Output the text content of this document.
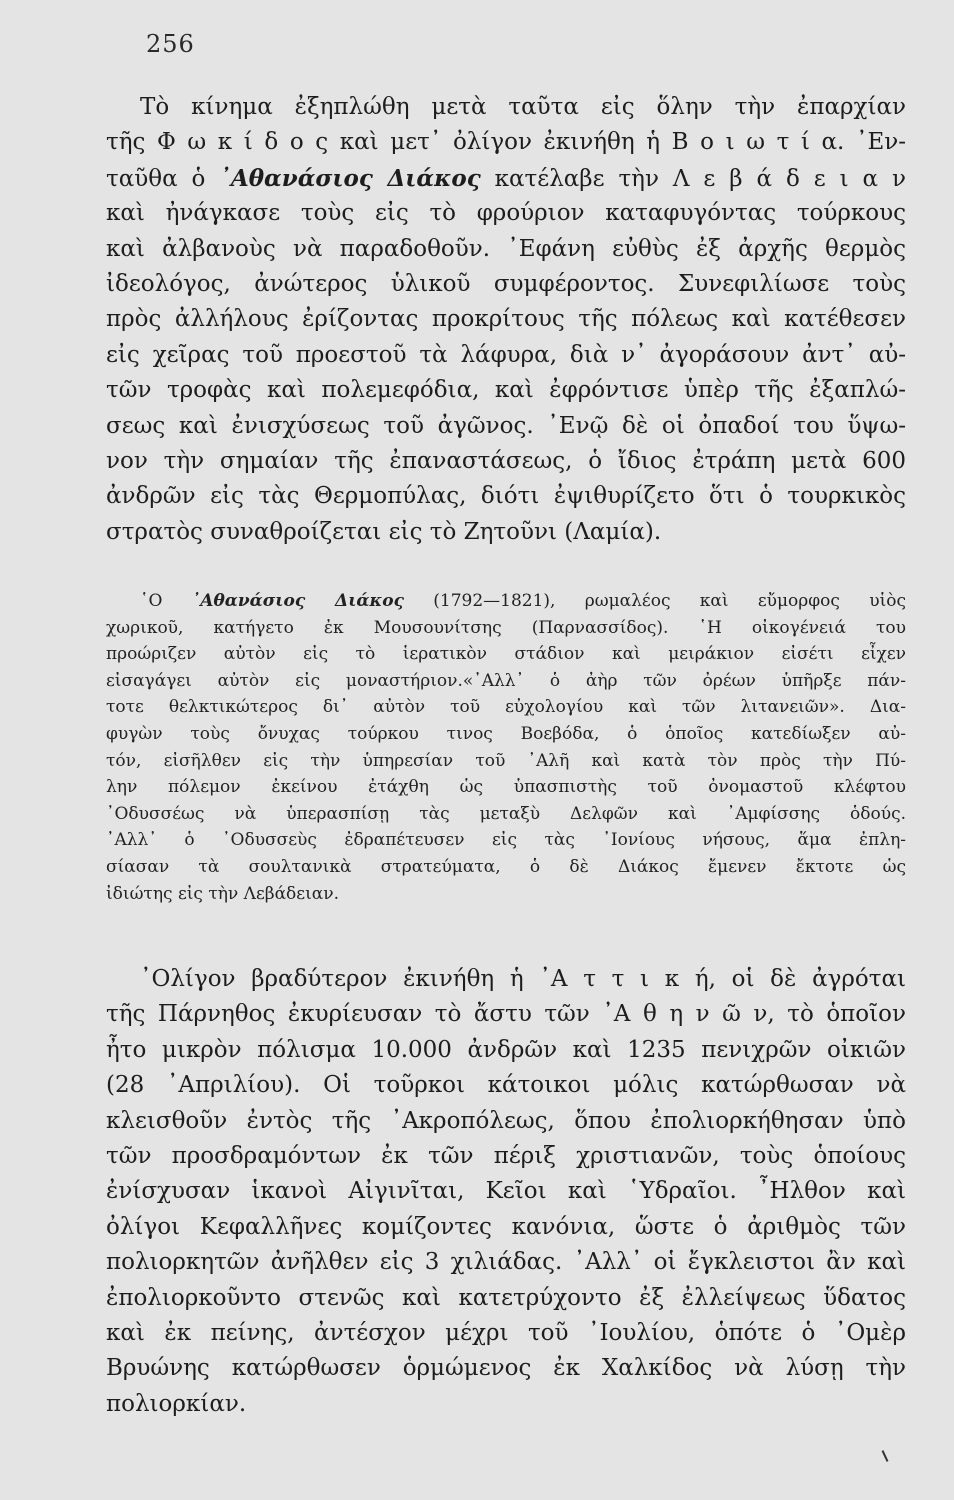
256
Τὸ κίνημα ἐξηπλώθη μετὰ ταῦτα εἰς ὅλην τὴν ἐπαρχίαν
τῆς Φ ω κ ί δ ο ς καὶ μετ᾿ ὀλίγον ἐκινήθη ἡ Β ο ι ω τ ί α. ᾿Εν-
ταῦθα ὁ ᾿Αθανάσιος Διάκος κατέλαβε τὴν Λ ε β ά δ ε ι α ν
καὶ ἠνάγκασε τοὺς εἰς τὸ φρούριον καταφυγόντας τούρκους
καὶ ἀλβανοὺς νὰ παραδοθοῦν. ᾿Εφάνη εὐθὺς ἐξ ἀρχῆς θερμὸς
ἰδεολόγος, ἀνώτερος ὑλικοῦ συμφέροντος. Συνεφιλίωσε τοὺς
πρὸς ἀλλήλους ἐρίζοντας προκρίτους τῆς πόλεως καὶ κατέθεσεν
εἰς χεῖρας τοῦ προεστοῦ τὰ λάφυρα, διὰ ν᾿ ἀγοράσουν ἀντ᾿ αὐ-
τῶν τροφὰς καὶ πολεμεφόδια, καὶ ἐφρόντισε ὑπὲρ τῆς ἐξαπλώ-
σεως καὶ ἐνισχύσεως τοῦ ἀγῶνος. ᾿Ενῷ δὲ οἱ ὀπαδοί του ὕψω-
νον τὴν σημαίαν τῆς ἐπαναστάσεως, ὁ ἴδιος ἐτράπη μετὰ 600
ἀνδρῶν εἰς τὰς Θερμοπύλας, διότι ἐψιθυρίζετο ὅτι ὁ τουρκικὸς
στρατὸς συναθροίζεται εἰς τὸ Ζητοῦνι (Λαμία).
῾Ο ᾿Αθανάσιος Διάκος (1792—1821), ρωμαλέος καὶ εὔμορφος υἱὸς
χωρικοῦ, κατήγετο ἐκ Μουσουνίτσης (Παρνασσίδος). ῾Η οἰκογένειά του
προώριζεν αὐτὸν εἰς τὸ ἱερατικὸν στάδιον καὶ μειράκιον εἰσέτι εἶχεν
εἰσαγάγει αὐτὸν εἰς μοναστήριον.«᾿Αλλ᾿ ὁ ἀὴρ τῶν ὀρέων ὑπῆρξε πάν-
τοτε θελκτικώτερος δι᾿ αὐτὸν τοῦ εὐχολογίου καὶ τῶν λιτανειῶν». Δια-
φυγὼν τοὺς ὄνυχας τούρκου τινος Βοεβόδα, ὁ ὁποῖος κατεδίωξεν αὐ-
τόν, εἰσῆλθεν εἰς τὴν ὑπηρεσίαν τοῦ ᾿Αλῆ καὶ κατὰ τὸν πρὸς τὴν Πύ-
λην πόλεμον ἐκείνου ἐτάχθη ὡς ὑπασπιστὴς τοῦ ὀνομαστοῦ κλέφτου
᾿Οδυσσέως νὰ ὑπερασπίσῃ τὰς μεταξὺ Δελφῶν καὶ ᾿Αμφίσσης ὁδούς.
᾿Αλλ᾿ ὁ ᾿Οδυσσεὺς ἐδραπέτευσεν εἰς τὰς ᾿Ιονίους νήσους, ἅμα ἐπλη-
σίασαν τὰ σουλτανικὰ στρατεύματα, ὁ δὲ Διάκος ἔμενεν ἔκτοτε ὡς
ἰδιώτης εἰς τὴν Λεβάδειαν.
᾿Ολίγον βραδύτερον ἐκινήθη ἡ ᾿Α τ τ ι κ ή, οἱ δὲ ἀγρόται
τῆς Πάρνηθος ἐκυρίευσαν τὸ ἄστυ τῶν ᾿Α θ η ν ῶ ν, τὸ ὁποῖον
ἦτο μικρὸν πόλισμα 10.000 ἀνδρῶν καὶ 1235 πενιχρῶν οἰκιῶν
(28 ᾿Απριλίου). Οἱ τοῦρκοι κάτοικοι μόλις κατώρθωσαν νὰ
κλεισθοῦν ἐντὸς τῆς ᾿Ακροπόλεως, ὅπου ἐπολιορκήθησαν ὑπὸ
τῶν προσδραμόντων ἐκ τῶν πέριξ χριστιανῶν, τοὺς ὁποίους
ἐνίσχυσαν ἱκανοὶ Αἰγινῖται, Κεῖοι καὶ ῾Υδραῖοι. ῏Ηλθον καὶ
ὀλίγοι Κεφαλλῆνες κομίζοντες κανόνια, ὥστε ὁ ἀριθμὸς τῶν
πολιορκητῶν ἀνῆλθεν εἰς 3 χιλιάδας. ᾿Αλλ᾿ οἱ ἔγκλειστοι ἂν καὶ
ἐπολιορκοῦντο στενῶς καὶ κατετρύχοντο ἐξ ἐλλείψεως ὕδατος
καὶ ἐκ πείνης, ἀντέσχον μέχρι τοῦ ᾿Ιουλίου, ὁπότε ὁ ᾿Ομὲρ
Βρυώνης κατώρθωσεν ὁρμώμενος ἐκ Χαλκίδος νὰ λύσῃ τὴν
πολιορκίαν.
